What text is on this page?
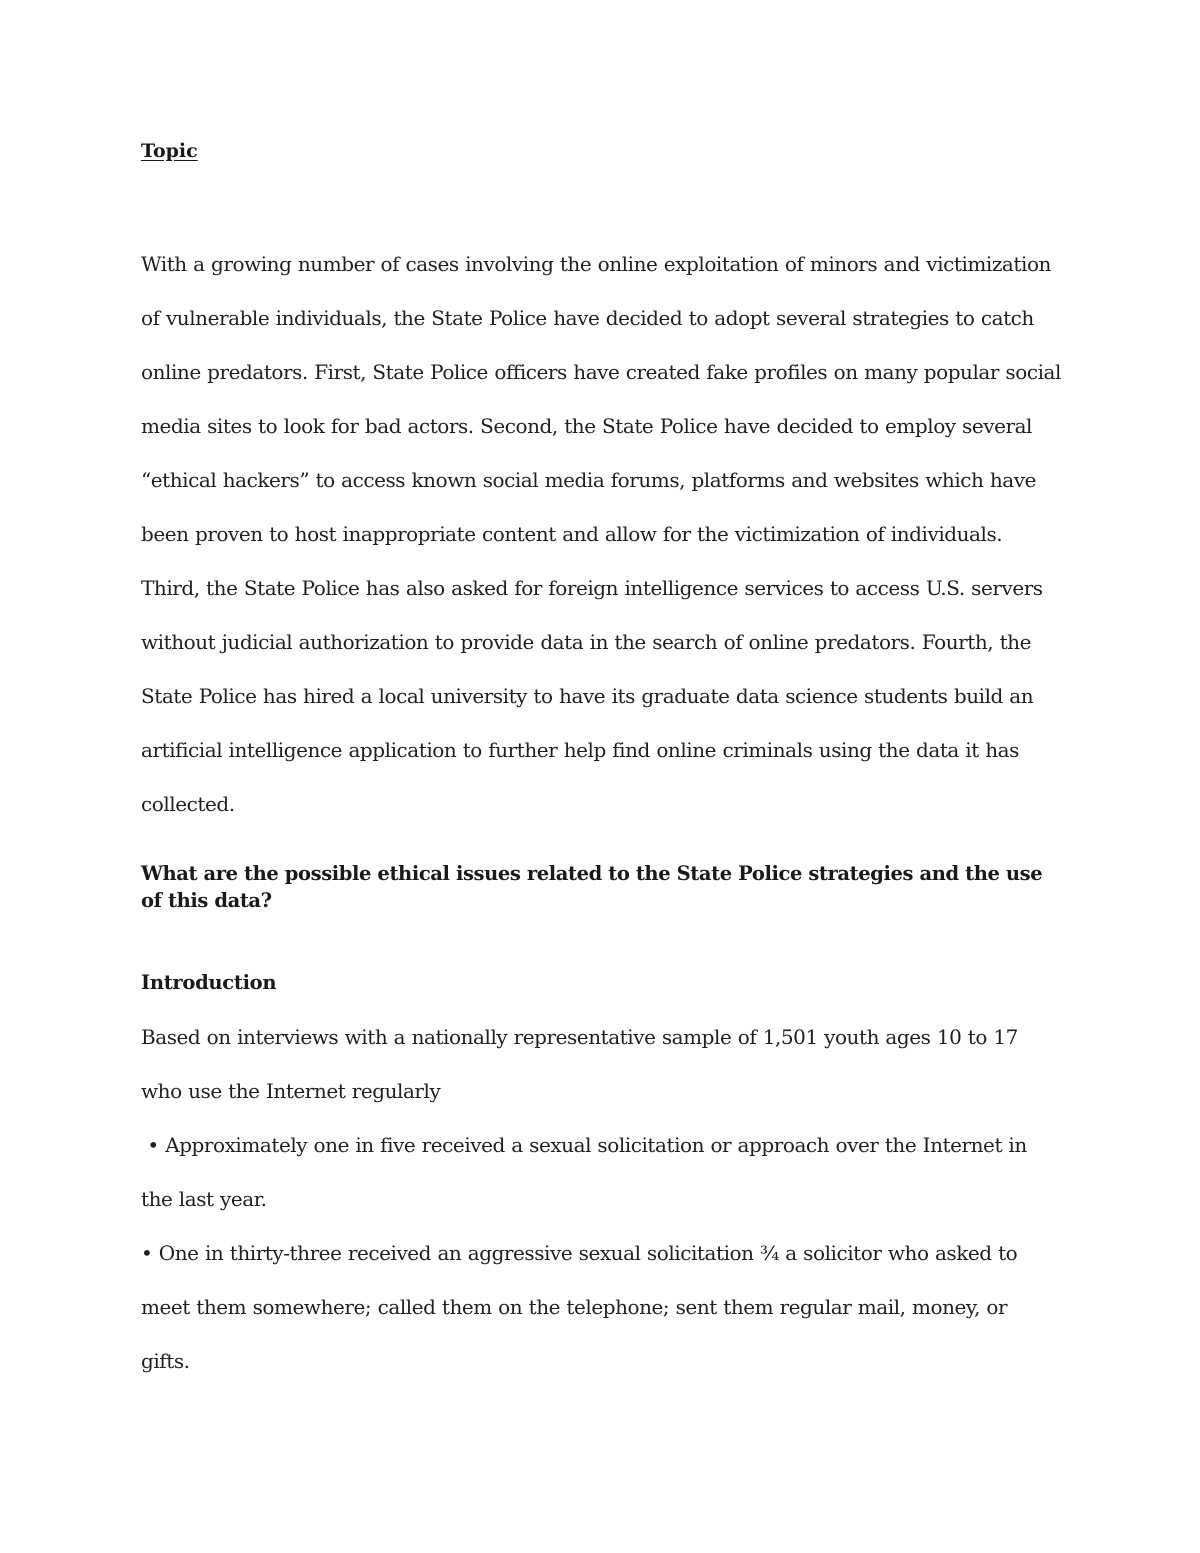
Topic

With a growing number of cases involving the online exploitation of minors and victimization of vulnerable individuals, the State Police have decided to adopt several strategies to catch online predators. First, State Police officers have created fake profiles on many popular social media sites to look for bad actors. Second, the State Police have decided to employ several “ethical hackers” to access known social media forums, platforms and websites which have been proven to host inappropriate content and allow for the victimization of individuals. Third, the State Police has also asked for foreign intelligence services to access U.S. servers without judicial authorization to provide data in the search of online predators. Fourth, the State Police has hired a local university to have its graduate data science students build an artificial intelligence application to further help find online criminals using the data it has collected.

What are the possible ethical issues related to the State Police strategies and the use of this data?
Introduction

Based on interviews with a nationally representative sample of 1,501 youth ages 10 to 17 who use the Internet regularly

• Approximately one in five received a sexual solicitation or approach over the Internet in the last year.

• One in thirty-three received an aggressive sexual solicitation ¾ a solicitor who asked to meet them somewhere; called them on the telephone; sent them regular mail, money, or gifts.
